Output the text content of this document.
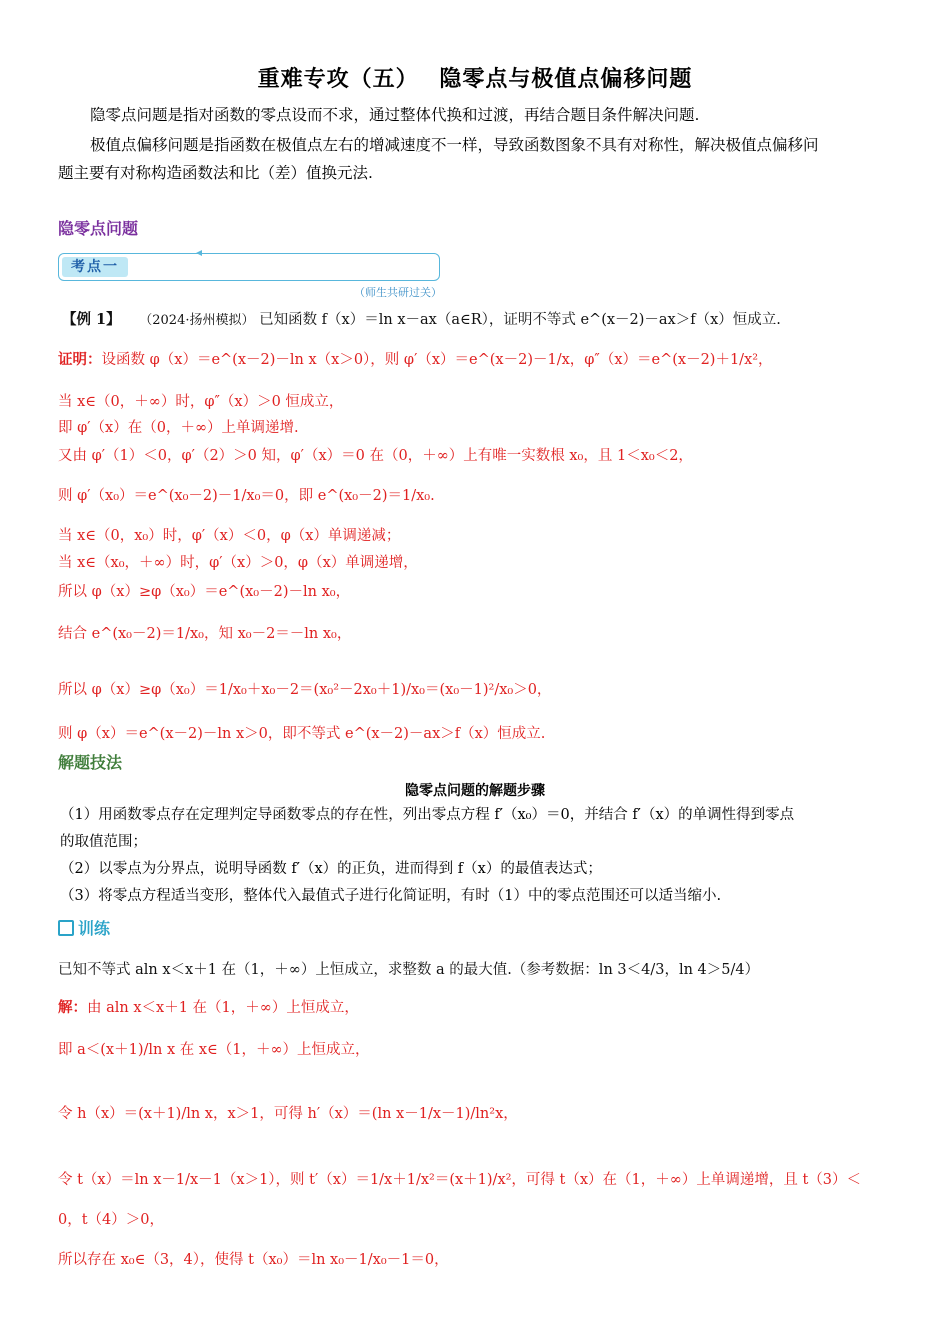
重难专攻（五）　 隐零点与极值点偏移问题
隐零点问题是指对函数的零点设而不求，通过整体代换和过渡，再结合题目条件解决问题.
极值点偏移问题是指函数在极值点左右的增减速度不一样，导致函数图象不具有对称性，解决极值点偏移问
题主要有对称构造函数法和比（差）值换元法.
隐零点问题
考点一
（师生共研过关）
【例 1】 （2024·扬州模拟） 已知函数 f（x）＝ln x－ax（a∈R），证明不等式 e^(x－2)－ax＞f（x）恒成立.
证明：设函数 φ（x）＝e^(x－2)－ln x（x＞0），则 φ′（x）＝e^(x－2)－1/x，φ″（x）＝e^(x－2)＋1/x²，
当 x∈（0，＋∞）时，φ″（x）＞0 恒成立，
即 φ′（x）在（0，＋∞）上单调递增.
又由 φ′（1）＜0，φ′（2）＞0 知，φ′（x）＝0 在（0，＋∞）上有唯一实数根 x₀，且 1＜x₀＜2，
则 φ′（x₀）＝e^(x₀－2)－1/x₀＝0，即 e^(x₀－2)＝1/x₀.
当 x∈（0，x₀）时，φ′（x）＜0，φ（x）单调递减；
当 x∈（x₀，＋∞）时，φ′（x）＞0，φ（x）单调递增，
所以 φ（x）≥φ（x₀）＝e^(x₀－2)－ln x₀，
结合 e^(x₀－2)＝1/x₀，知 x₀－2＝－ln x₀，
所以 φ（x）≥φ（x₀）＝1/x₀＋x₀－2＝(x₀²－2x₀＋1)/x₀＝(x₀－1)²/x₀＞0，
则 φ（x）＝e^(x－2)－ln x＞0，即不等式 e^(x－2)－ax＞f（x）恒成立.
解题技法
隐零点问题的解题步骤
（1）用函数零点存在定理判定导函数零点的存在性，列出零点方程 f′（x₀）＝0，并结合 f′（x）的单调性得到零点
的取值范围；
（2）以零点为分界点，说明导函数 f′（x）的正负，进而得到 f（x）的最值表达式；
（3）将零点方程适当变形，整体代入最值式子进行化简证明，有时（1）中的零点范围还可以适当缩小.
训练
已知不等式 aln x＜x＋1 在（1，＋∞）上恒成立，求整数 a 的最大值.（参考数据：ln 3＜4/3，ln 4＞5/4）
解：由 aln x＜x＋1 在（1，＋∞）上恒成立，
即 a＜(x＋1)/ln x 在 x∈（1，＋∞）上恒成立，
令 h（x）＝(x＋1)/ln x，x＞1，可得 h′（x）＝(ln x－1/x－1)/ln²x，
令 t（x）＝ln x－1/x－1（x＞1），则 t′（x）＝1/x＋1/x²＝(x＋1)/x²，可得 t（x）在（1，＋∞）上单调递增，且 t（3）＜
0，t（4）＞0，
所以存在 x₀∈（3，4），使得 t（x₀）＝ln x₀－1/x₀－1＝0，
